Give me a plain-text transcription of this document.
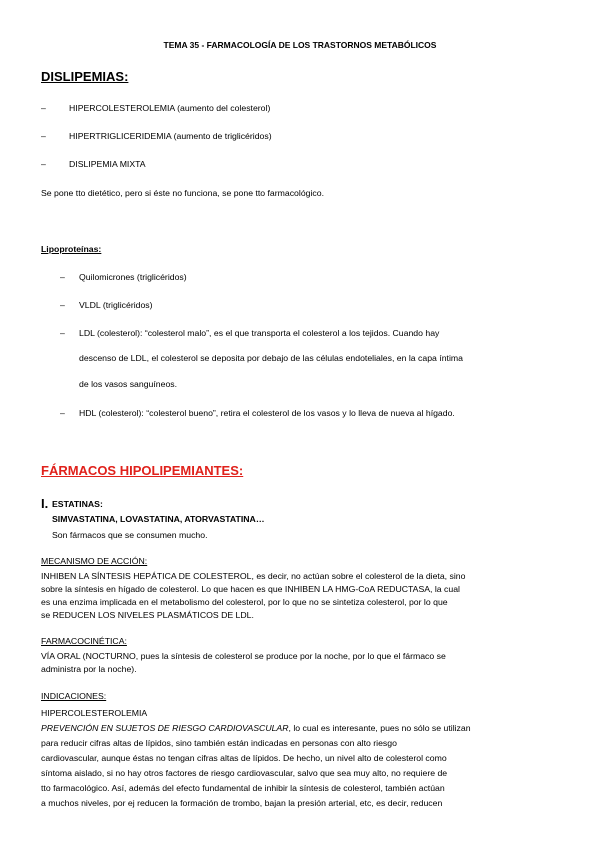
TEMA 35 - FARMACOLOGÍA DE LOS TRASTORNOS METABÓLICOS
DISLIPEMIAS:
–	HIPERCOLESTEROLEMIA (aumento del colesterol)
–	HIPERTRIGLICERIDEMIA (aumento de triglicéridos)
–	DISLIPEMIA MIXTA
Se pone tto dietético, pero si éste no funciona, se pone tto farmacológico.
Lipoproteínas:
– Quilomicrones (triglicéridos)
– VLDL (triglicéridos)
– LDL (colesterol): “colesterol malo”, es el que transporta el colesterol a los tejidos. Cuando hay
descenso de LDL, el colesterol se deposita por debajo de las células endoteliales, en la capa íntima
de los vasos sanguíneos.
– HDL (colesterol): “colesterol bueno”, retira el colesterol de los vasos y lo lleva de nueva al hígado.
FÁRMACOS HIPOLIPEMIANTES:
I. ESTATINAS:
SIMVASTATINA, LOVASTATINA, ATORVASTATINA…
Son fármacos que se consumen mucho.
MECANISMO DE ACCIÓN:
INHIBEN LA SÍNTESIS HEPÁTICA DE COLESTEROL, es decir, no actúan sobre el colesterol de la dieta, sino
sobre la síntesis en hígado de colesterol. Lo que hacen es que INHIBEN LA HMG-CoA REDUCTASA, la cual
es una enzima implicada en el metabolismo del colesterol, por lo que no se sintetiza colesterol, por lo que
se REDUCEN LOS NIVELES PLASMÁTICOS DE LDL.
FARMACOCINÉTICA:
VÍA ORAL (NOCTURNO, pues la síntesis de colesterol se produce por la noche, por lo que el fármaco se
administra por la noche).
INDICACIONES:
HIPERCOLESTEROLEMIA
PREVENCIÓN EN SUJETOS DE RIESGO CARDIOVASCULAR, lo cual es interesante, pues no sólo se utilizan
para reducir cifras altas de lípidos, sino también están indicadas en personas con alto riesgo
cardiovascular, aunque éstas no tengan cifras altas de lípidos. De hecho, un nivel alto de colesterol como
síntoma aislado, si no hay otros factores de riesgo cardiovascular, salvo que sea muy alto, no requiere de
tto farmacológico. Así, además del efecto fundamental de inhibir la síntesis de colesterol, también actúan
a muchos niveles, por ej reducen la formación de trombo, bajan la presión arterial, etc, es decir, reducen
